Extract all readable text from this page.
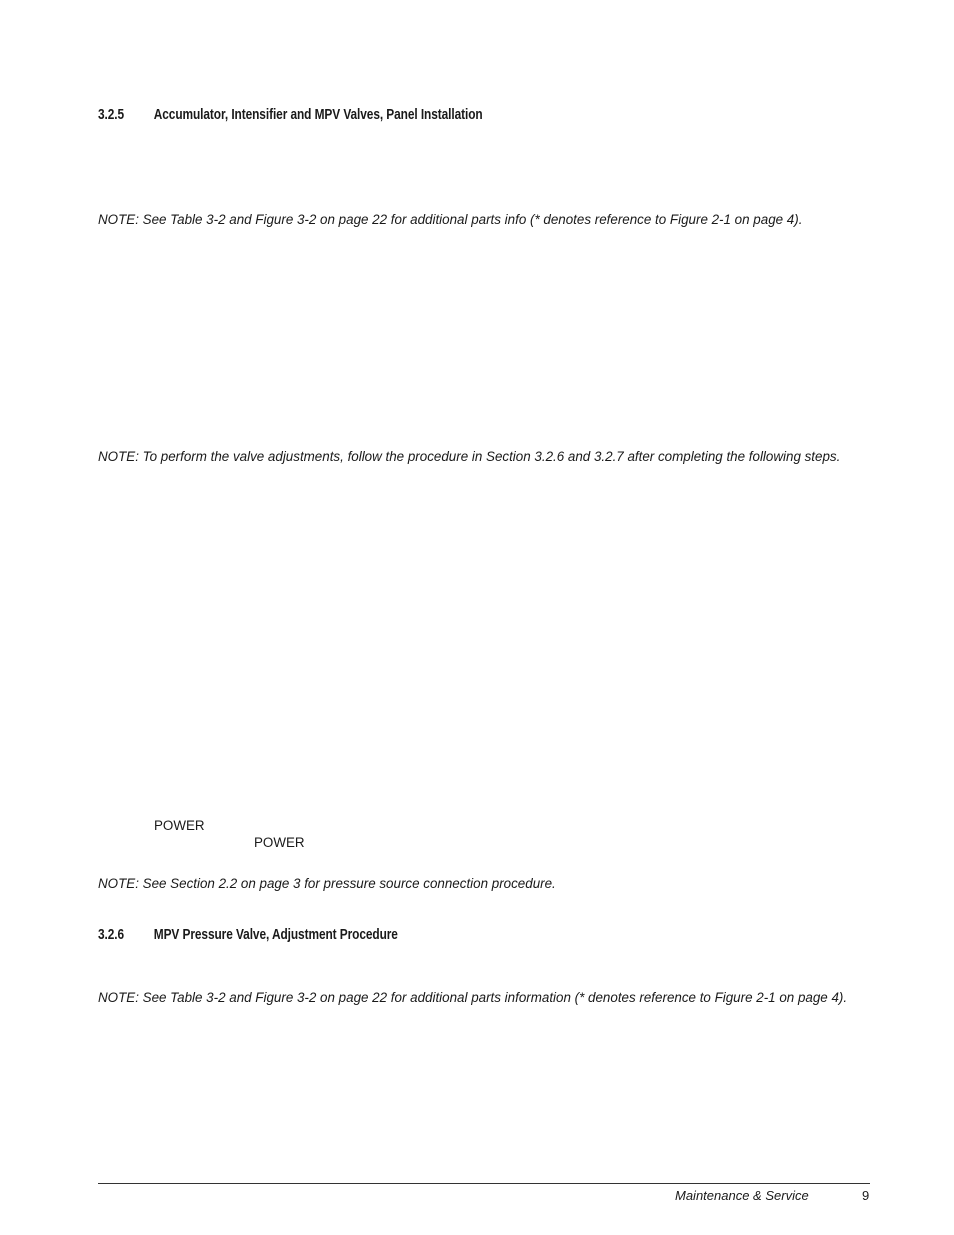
3.2.5 Accumulator, Intensifier and MPV Valves, Panel Installation
NOTE: See Table 3-2 and Figure 3-2 on page 22 for additional parts info (* denotes reference to Figure 2-1 on page 4).
NOTE: To perform the valve adjustments, follow the procedure in Section 3.2.6 and 3.2.7 after completing the following steps.
POWER
POWER
NOTE: See Section 2.2 on page 3 for pressure source connection procedure.
3.2.6 MPV Pressure Valve, Adjustment Procedure
NOTE: See Table 3-2 and Figure 3-2 on page 22 for additional parts information (* denotes reference to Figure 2-1 on page 4).
Maintenance & Service	9
